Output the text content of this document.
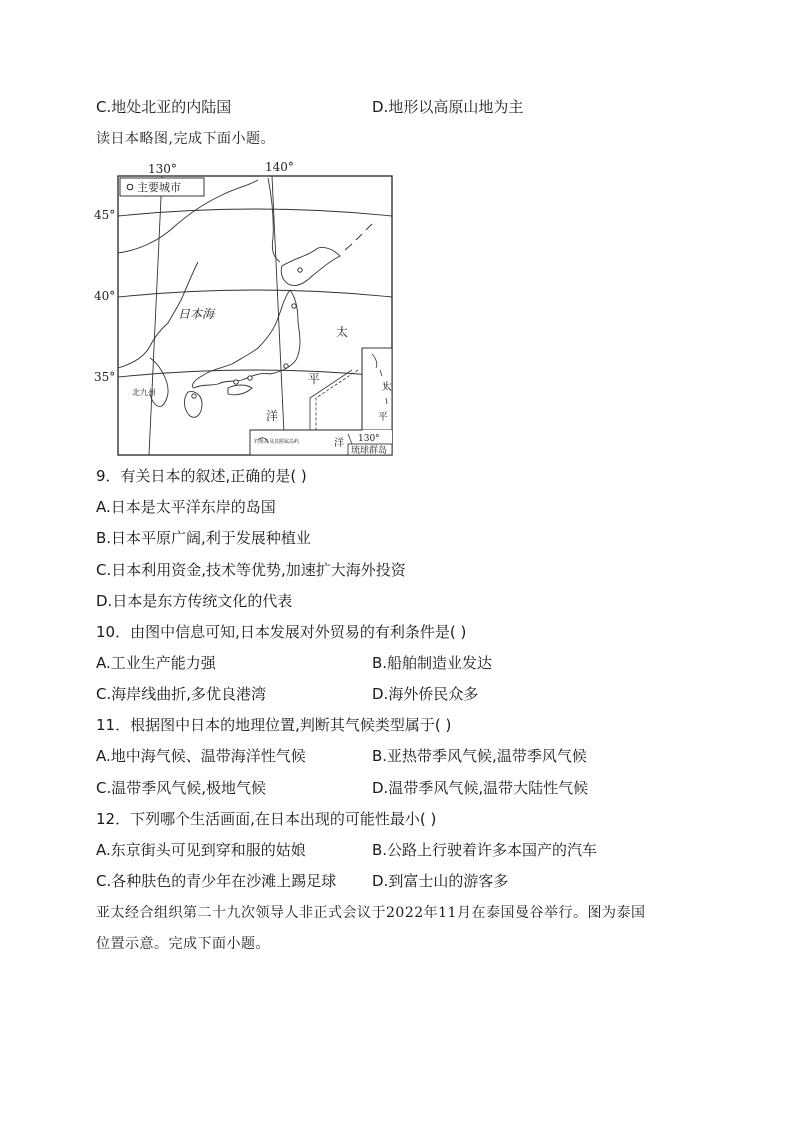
C.地处北亚的内陆国	D.地形以高原山地为主
读日本略图,完成下面小题。
130°	140°
45°
40°
35°
主要城市
日本海
太
平
洋
北九州	太
平
洋 130°
钓鱼岛及其附属岛屿
琉球群岛
9．有关日本的叙述,正确的是( )
A.日本是太平洋东岸的岛国
B.日本平原广阔,利于发展种植业
C.日本利用资金,技术等优势,加速扩大海外投资
D.日本是东方传统文化的代表
10．由图中信息可知,日本发展对外贸易的有利条件是( )
A.工业生产能力强	B.船舶制造业发达
C.海岸线曲折,多优良港湾	D.海外侨民众多
11．根据图中日本的地理位置,判断其气候类型属于( )
A.地中海气候、温带海洋性气候	B.亚热带季风气候,温带季风气候
C.温带季风气候,极地气候	D.温带季风气候,温带大陆性气候
12．下列哪个生活画面,在日本出现的可能性最小( )
A.东京街头可见到穿和服的姑娘	B.公路上行驶着许多本国产的汽车
C.各种肤色的青少年在沙滩上踢足球 D.到富士山的游客多
亚太经合组织第二十九次领导人非正式会议于2022年11月在泰国曼谷举行。图为泰国
位置示意。完成下面小题。
